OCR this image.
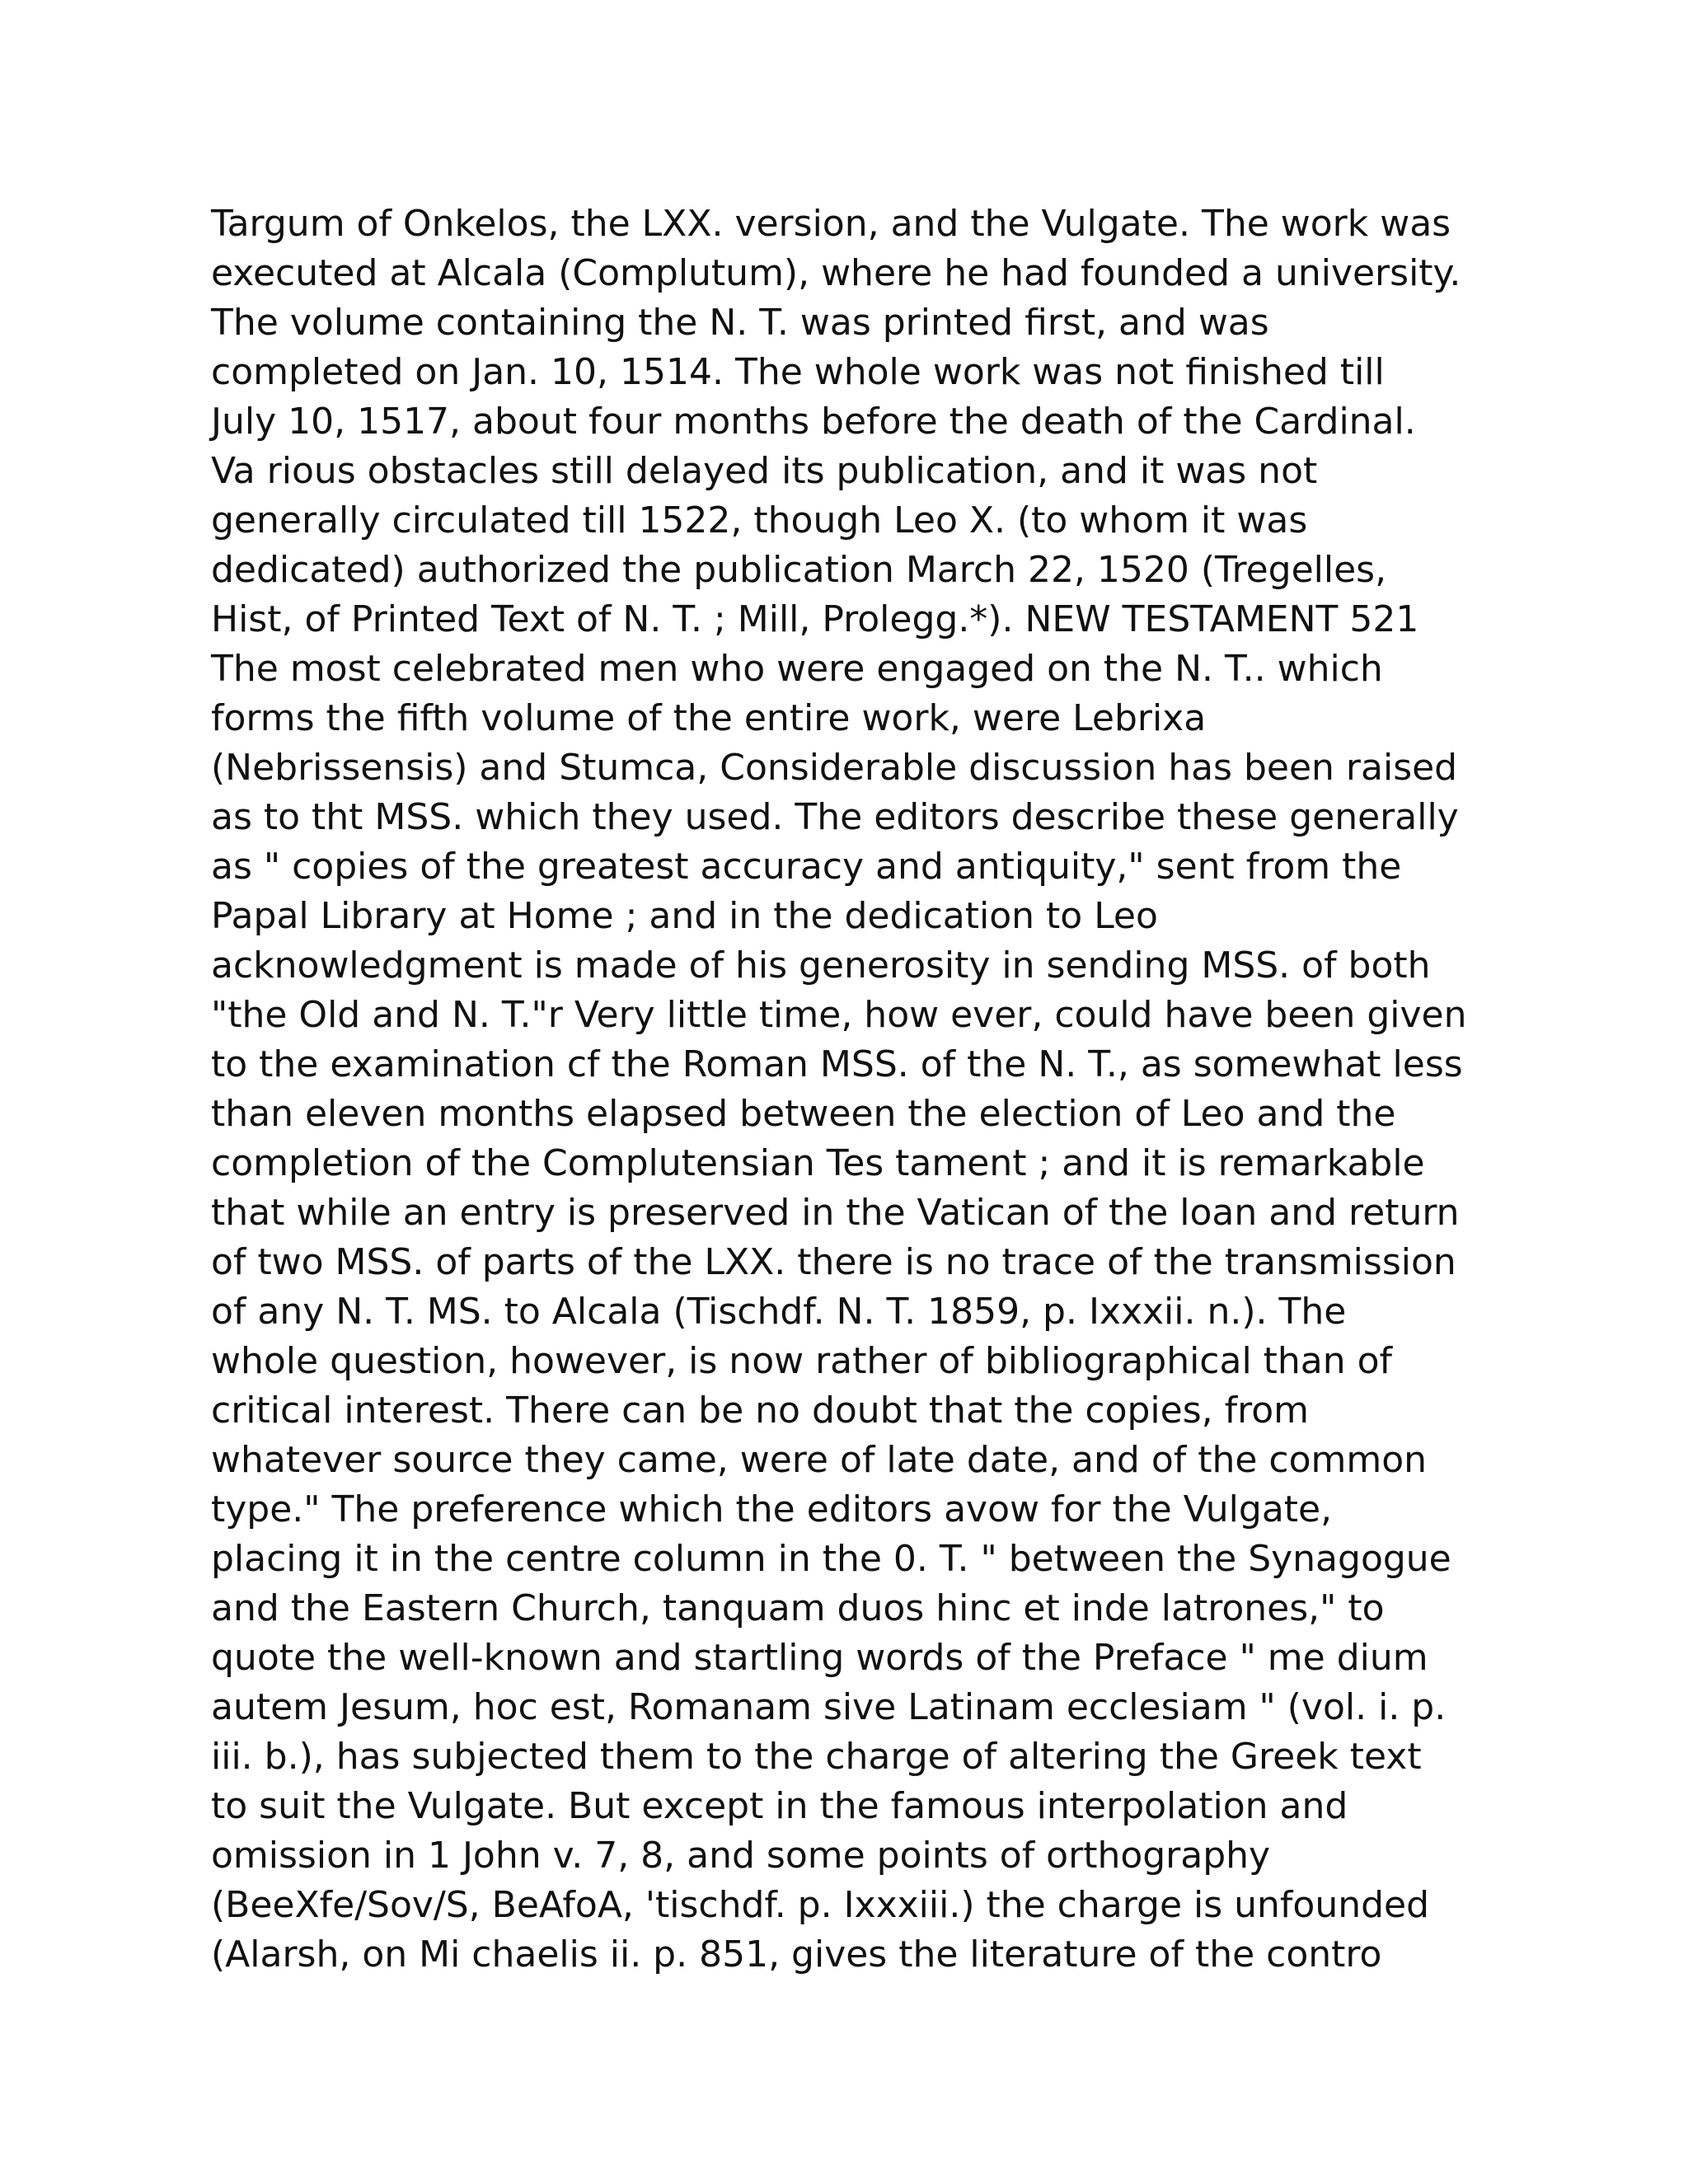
Targum of Onkelos, the LXX. version, and the Vulgate. The work was
executed at Alcala (Complutum), where he had founded a university.
The volume containing the N. T. was printed first, and was
completed on Jan. 10, 1514. The whole work was not finished till
July 10, 1517, about four months before the death of the Cardinal.
Va rious obstacles still delayed its publication, and it was not
generally circulated till 1522, though Leo X. (to whom it was
dedicated) authorized the publication March 22, 1520 (Tregelles,
Hist, of Printed Text of N. T. ; Mill, Prolegg.*). NEW TESTAMENT 521
The most celebrated men who were engaged on the N. T.. which
forms the fifth volume of the entire work, were Lebrixa
(Nebrissensis) and Stumca, Considerable discussion has been raised
as to tht MSS. which they used. The editors describe these generally
as " copies of the greatest accuracy and antiquity," sent from the
Papal Library at Home ; and in the dedication to Leo
acknowledgment is made of his generosity in sending MSS. of both
"the Old and N. T."r Very little time, how ever, could have been given
to the examination cf the Roman MSS. of the N. T., as somewhat less
than eleven months elapsed between the election of Leo and the
completion of the Complutensian Tes tament ; and it is remarkable
that while an entry is preserved in the Vatican of the loan and return
of two MSS. of parts of the LXX. there is no trace of the transmission
of any N. T. MS. to Alcala (Tischdf. N. T. 1859, p. Ixxxii. n.). The
whole question, however, is now rather of bibliographical than of
critical interest. There can be no doubt that the copies, from
whatever source they came, were of late date, and of the common
type." The preference which the editors avow for the Vulgate,
placing it in the centre column in the 0. T. " between the Synagogue
and the Eastern Church, tanquam duos hinc et inde latrones," to
quote the well-known and startling words of the Preface " me dium
autem Jesum, hoc est, Romanam sive Latinam ecclesiam " (vol. i. p.
iii. b.), has subjected them to the charge of altering the Greek text
to suit the Vulgate. But except in the famous interpolation and
omission in 1 John v. 7, 8, and some points of orthography
(BeeXfe/Sov/S, BeAfoA, 'tischdf. p. Ixxxiii.) the charge is unfounded
(Alarsh, on Mi chaelis ii. p. 851, gives the literature of the contro
